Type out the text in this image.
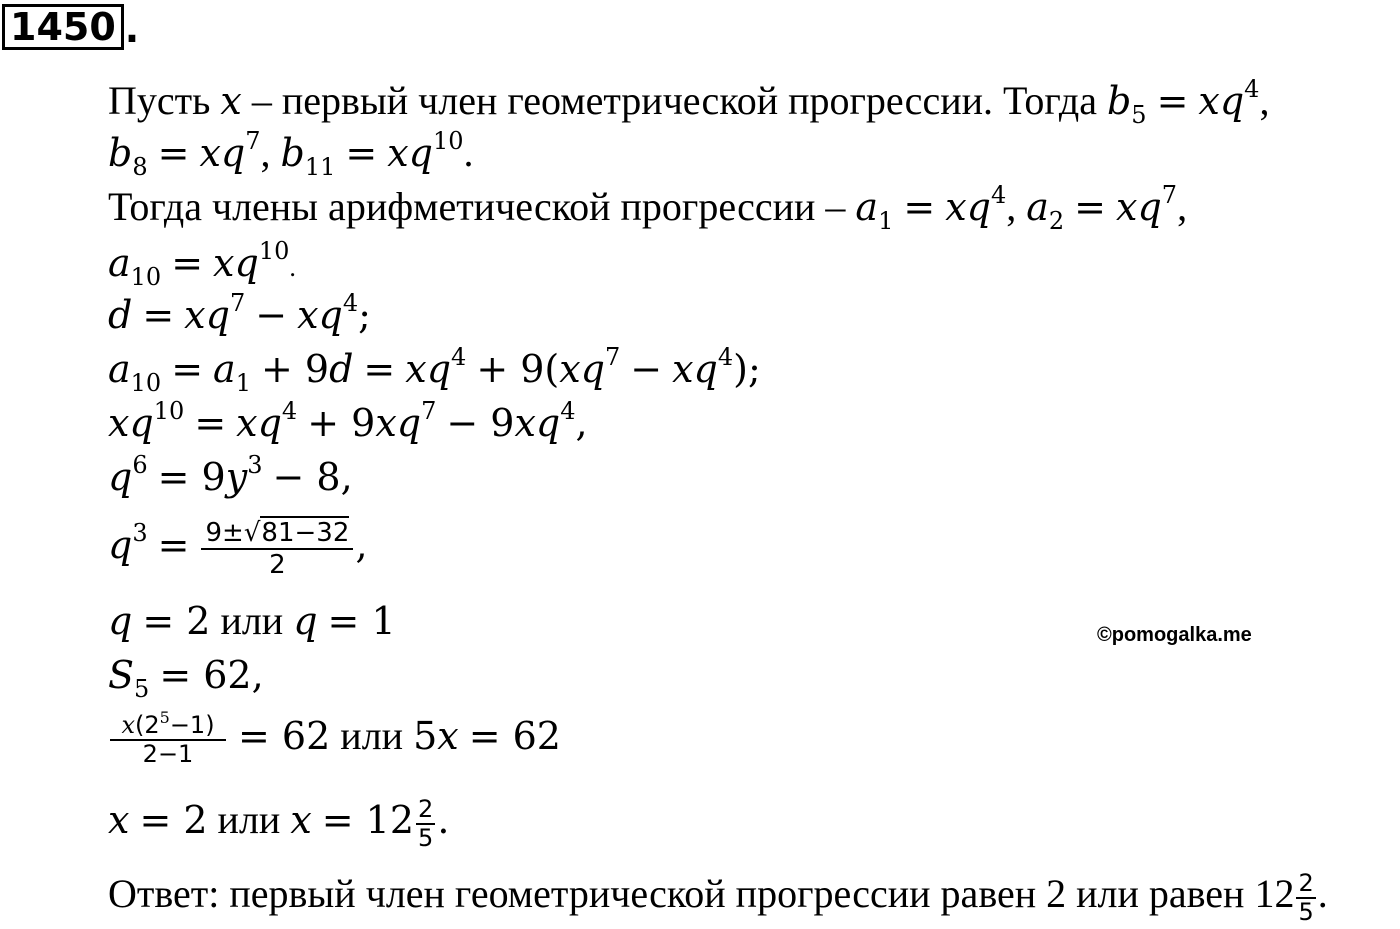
1450 .
Пусть x – первый член геометрической прогрессии. Тогда $b_5 = xq^4$,
$b_8 = xq^7$, $b_{11} = xq^{10}$.
Тогда члены арифметической прогрессии – $a_1 = xq^4$, $a_2 = xq^7$,
$a_{10} = xq^{10}$.
$d = xq^7 - xq^4$;
$a_{10} = a_1 + 9d = xq^4 + 9(xq^7 - xq^4)$;
$xq^{10} = xq^4 + 9xq^7 - 9xq^4$,
$q^6 = 9y^3 - 8$,
$q^3 = \frac{9\pm√81-32}{2}$ ,
q = 2 или q = 1
$S_5 = 62$,
$\frac{x(2^5-1)}{2-1} = 62$ или 5x = 62
x = 2 или $x = 12 \frac{2}{5}$ .
Ответ: первый член геометрической прогрессии равен 2 или равен $12 \frac{2}{5}$ .
©pomogalka.me
